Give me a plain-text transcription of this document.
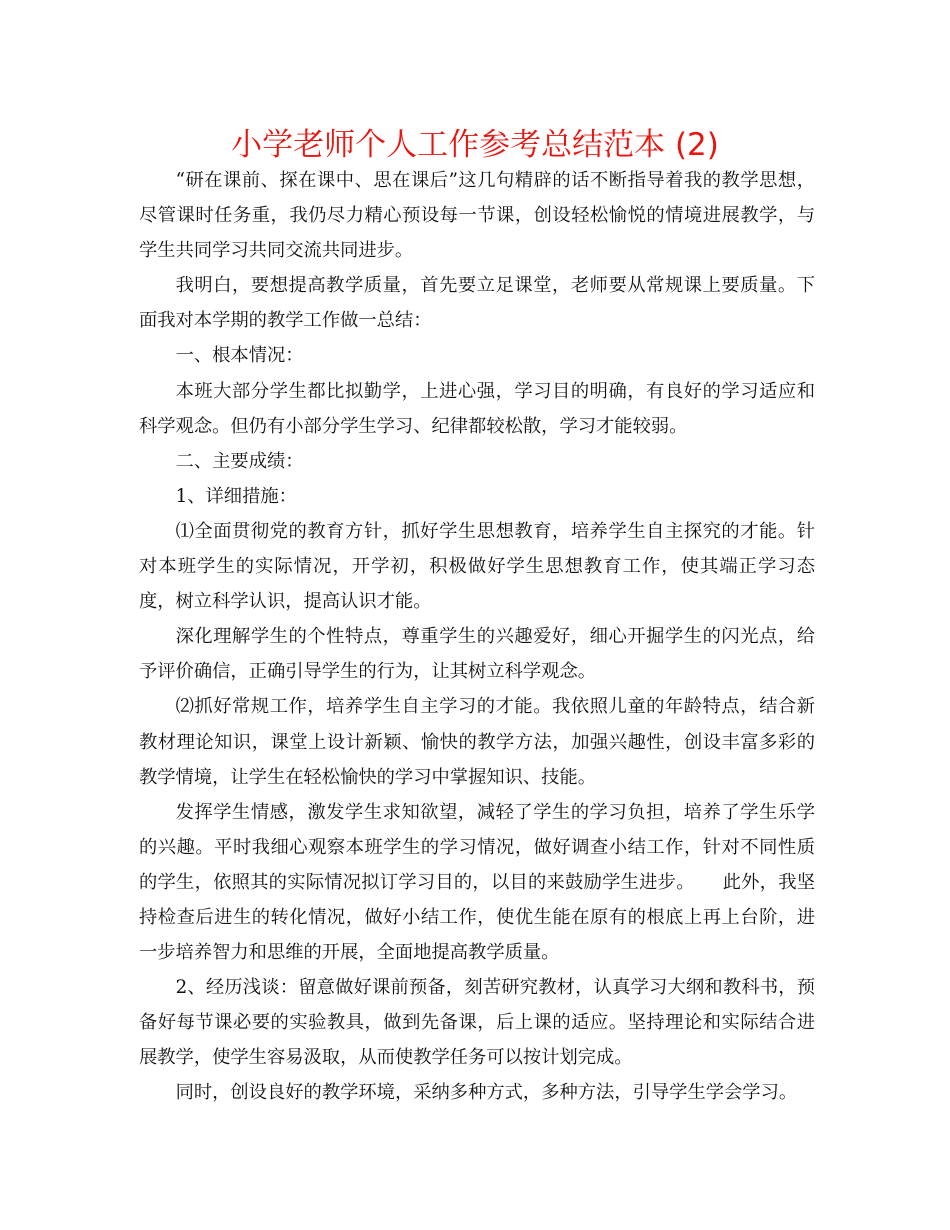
小学老师个人工作参考总结范本 (2)

“研在课前、探在课中、思在课后”这几句精辟的话不断指导着我的教学思想，尽管课时任务重，我仍尽力精心预设每一节课，创设轻松愉悦的情境进展教学，与学生共同学习共同交流共同进步。

我明白，要想提高教学质量，首先要立足课堂，老师要从常规课上要质量。下面我对本学期的教学工作做一总结：

一、根本情况：

本班大部分学生都比拟勤学，上进心强，学习目的明确，有良好的学习适应和科学观念。但仍有小部分学生学习、纪律都较松散，学习才能较弱。

二、主要成绩：

1、详细措施：

⑴全面贯彻党的教育方针，抓好学生思想教育，培养学生自主探究的才能。针对本班学生的实际情况，开学初，积极做好学生思想教育工作，使其端正学习态度，树立科学认识，提高认识才能。

深化理解学生的个性特点，尊重学生的兴趣爱好，细心开掘学生的闪光点，给予评价确信，正确引导学生的行为，让其树立科学观念。

⑵抓好常规工作，培养学生自主学习的才能。我依照儿童的年龄特点，结合新教材理论知识，课堂上设计新颖、愉快的教学方法，加强兴趣性，创设丰富多彩的教学情境，让学生在轻松愉快的学习中掌握知识、技能。

发挥学生情感，激发学生求知欲望，减轻了学生的学习负担，培养了学生乐学的兴趣。平时我细心观察本班学生的学习情况，做好调查小结工作，针对不同性质的学生，依照其的实际情况拟订学习目的，以目的来鼓励学生进步。　　此外，我坚持检查后进生的转化情况，做好小结工作，使优生能在原有的根底上再上台阶，进一步培养智力和思维的开展，全面地提高教学质量。

2、经历浅谈：留意做好课前预备，刻苦研究教材，认真学习大纲和教科书，预备好每节课必要的实验教具，做到先备课，后上课的适应。坚持理论和实际结合进展教学，使学生容易汲取，从而使教学任务可以按计划完成。

同时，创设良好的教学环境，采纳多种方式，多种方法，引导学生学会学习。
